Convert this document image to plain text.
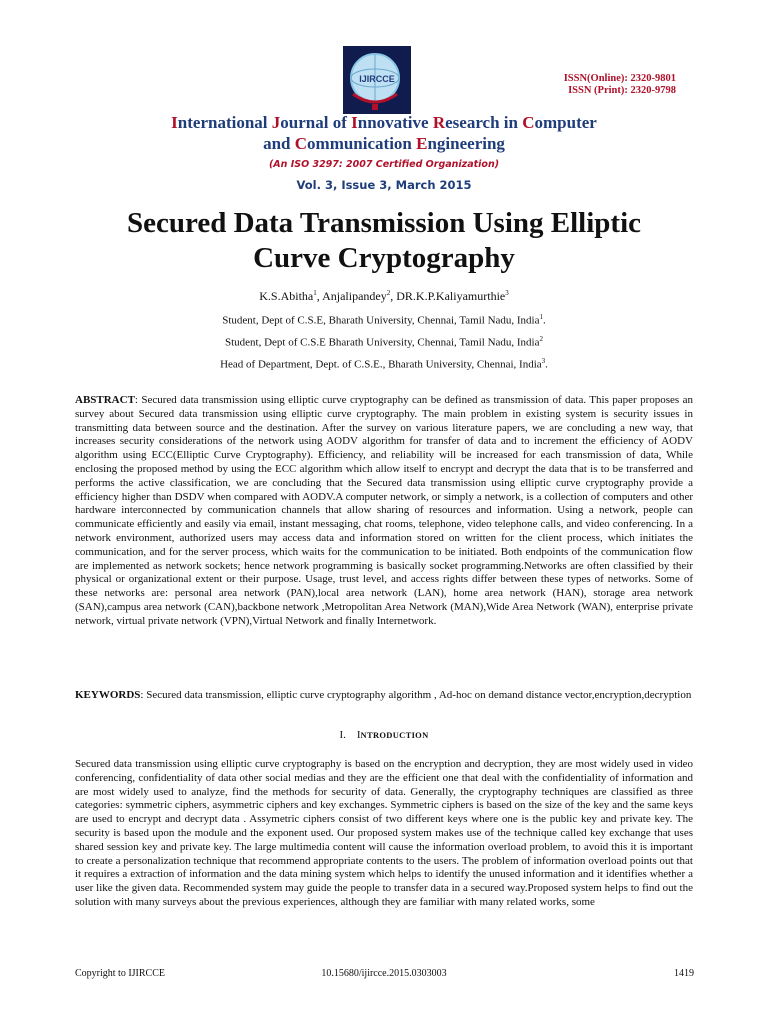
IJIRCCE	ISSN(Online): 2320-9801
ISSN (Print): 2320-9798
International Journal of Innovative Research in Computer
and Communication Engineering
(An ISO 3297: 2007 Certified Organization)
Vol. 3, Issue 3, March 2015
Secured Data Transmission Using Elliptic
Curve Cryptography
K.S.Abitha$^1$, Anjalipandey$^2$, DR.K.P.Kaliyamurthie$^3$
Student, Dept of C.S.E, Bharath University, Chennai, Tamil Nadu, India$^1$.
Student, Dept of C.S.E Bharath University, Chennai, Tamil Nadu, India$^2$
Head of Department, Dept. of C.S.E., Bharath University, Chennai, India$^3$.
ABSTRACT: Secured data transmission using elliptic curve cryptography can be defined as transmission of data. This paper proposes an survey about Secured data transmission using elliptic curve cryptography. The main problem in existing system is security issues in transmitting data between source and the destination. After the survey on various literature papers, we are concluding a new way, that increases security considerations of the network using AODV algorithm for transfer of data and to increment the efficiency of AODV algorithm using ECC(Elliptic Curve Cryptography). Efficiency, and reliability will be increased for each transmission of data, While enclosing the proposed method by using the ECC algorithm which allow itself to encrypt and decrypt the data that is to be transferred and performs the active classification, we are concluding that the Secured data transmission using elliptic curve cryptography provide a efficiency higher than DSDV when compared with AODV.A computer network, or simply a network, is a collection of computers and other hardware interconnected by communication channels that allow sharing of resources and information. Using a network, people can communicate efficiently and easily via email, instant messaging, chat rooms, telephone, video telephone calls, and video conferencing. In a network environment, authorized users may access data and information stored on written for the client process, which initiates the communication, and for the server process, which waits for the communication to be initiated. Both endpoints of the communication flow are implemented as network sockets; hence network programming is basically socket programming.Networks are often classified by their physical or organizational extent or their purpose. Usage, trust level, and access rights differ between these types of networks. Some of these networks are: personal area network (PAN),local area network (LAN), home area network (HAN), storage area network (SAN),campus area network (CAN),backbone network ,Metropolitan Area Network (MAN),Wide Area Network (WAN), enterprise private network, virtual private network (VPN),Virtual Network and finally Internetwork.
KEYWORDS: Secured data transmission, elliptic curve cryptography algorithm , Ad-hoc on demand distance vector,encryption,decryption
I. INTRODUCTION
Secured data transmission using elliptic curve cryptography is based on the encryption and decryption, they are most widely used in video conferencing, confidentiality of data other social medias and they are the efficient one that deal with the confidentiality of information and are most widely used to analyze, find the methods for security of data. Generally, the cryptography techniques are classified as three categories: symmetric ciphers, asymmetric ciphers and key exchanges. Symmetric ciphers is based on the size of the key and the same keys are used to encrypt and decrypt data . Assymetric ciphers consist of two different keys where one is the public key and private key. The security is based upon the module and the exponent used. Our proposed system makes use of the technique called key exchange that uses shared session key and private key. The large multimedia content will cause the information overload problem, to avoid this it is important to create a personalization technique that recommend appropriate contents to the users. The problem of information overload points out that it requires a extraction of information and the data mining system which helps to identify the unused information and it identifies whether a user like the given data. Recommended system may guide the people to transfer data in a secured way.Proposed system helps to find out the solution with many surveys about the previous experiences, although they are familiar with many related works, some
Copyright to IJIRCCE	10.15680/ijircce.2015.0303003	1419
